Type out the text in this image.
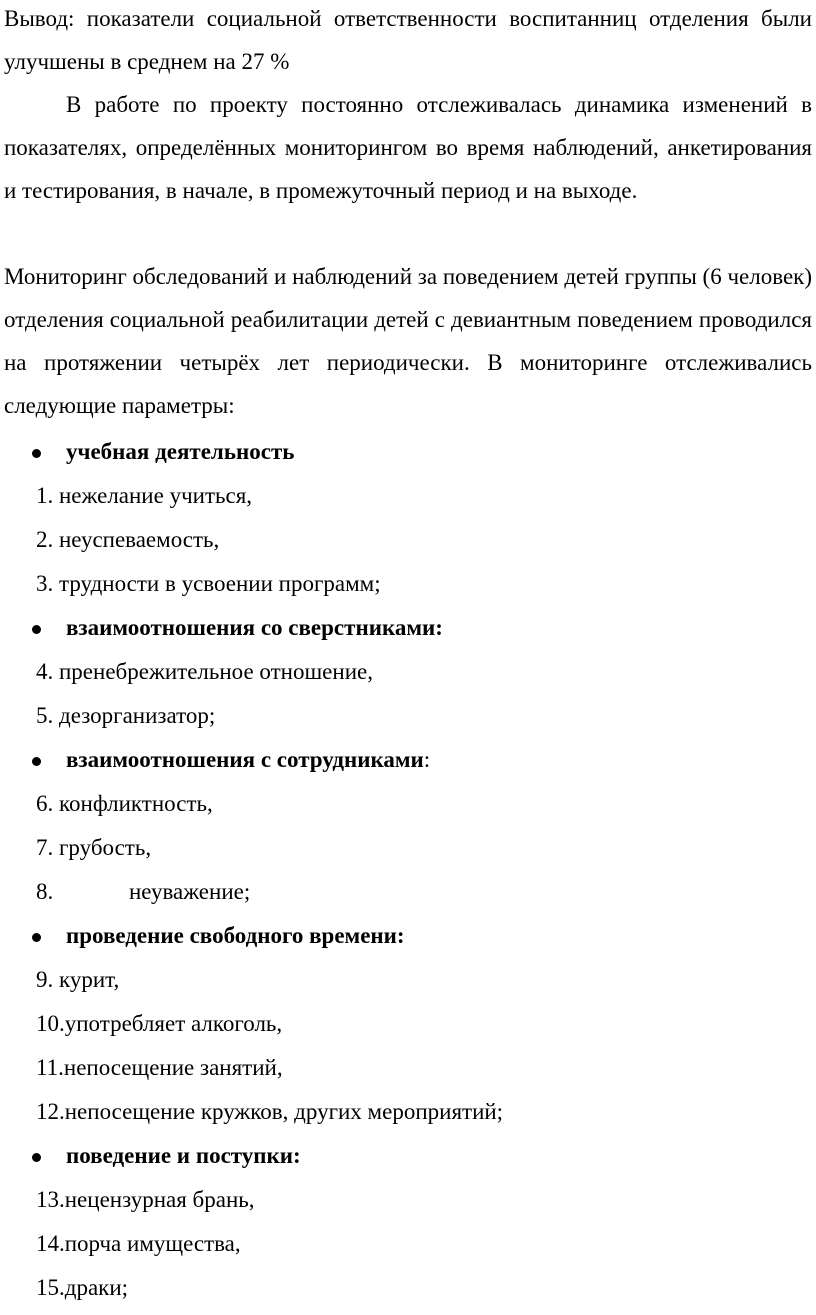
Вывод: показатели социальной ответственности воспитанниц отделения были улучшены в среднем на 27 %

В работе по проекту постоянно отслеживалась динамика изменений в показателях, определённых мониторингом во время наблюдений, анкетирования и тестирования, в начале, в промежуточный период и на выходе.

Мониторинг обследований и наблюдений за поведением детей группы (6 человек) отделения социальной реабилитации детей с девиантным поведением проводился на протяжении четырёх лет периодически. В мониторинге отслеживались следующие параметры:

учебная деятельность
1. нежелание учиться,
2. неуспеваемость,
3. трудности в усвоении программ;
взаимоотношения со сверстниками:
4. пренебрежительное отношение,
5. дезорганизатор;
взаимоотношения с сотрудниками:
6. конфликтность,
7. грубость,
8.	неуважение;
проведение свободного времени:
9. курит,
10.употребляет алкоголь,
11.непосещение занятий,
12.непосещение кружков, других мероприятий;
поведение и поступки:
13.нецензурная брань,
14.порча имущества,
15.драки;
